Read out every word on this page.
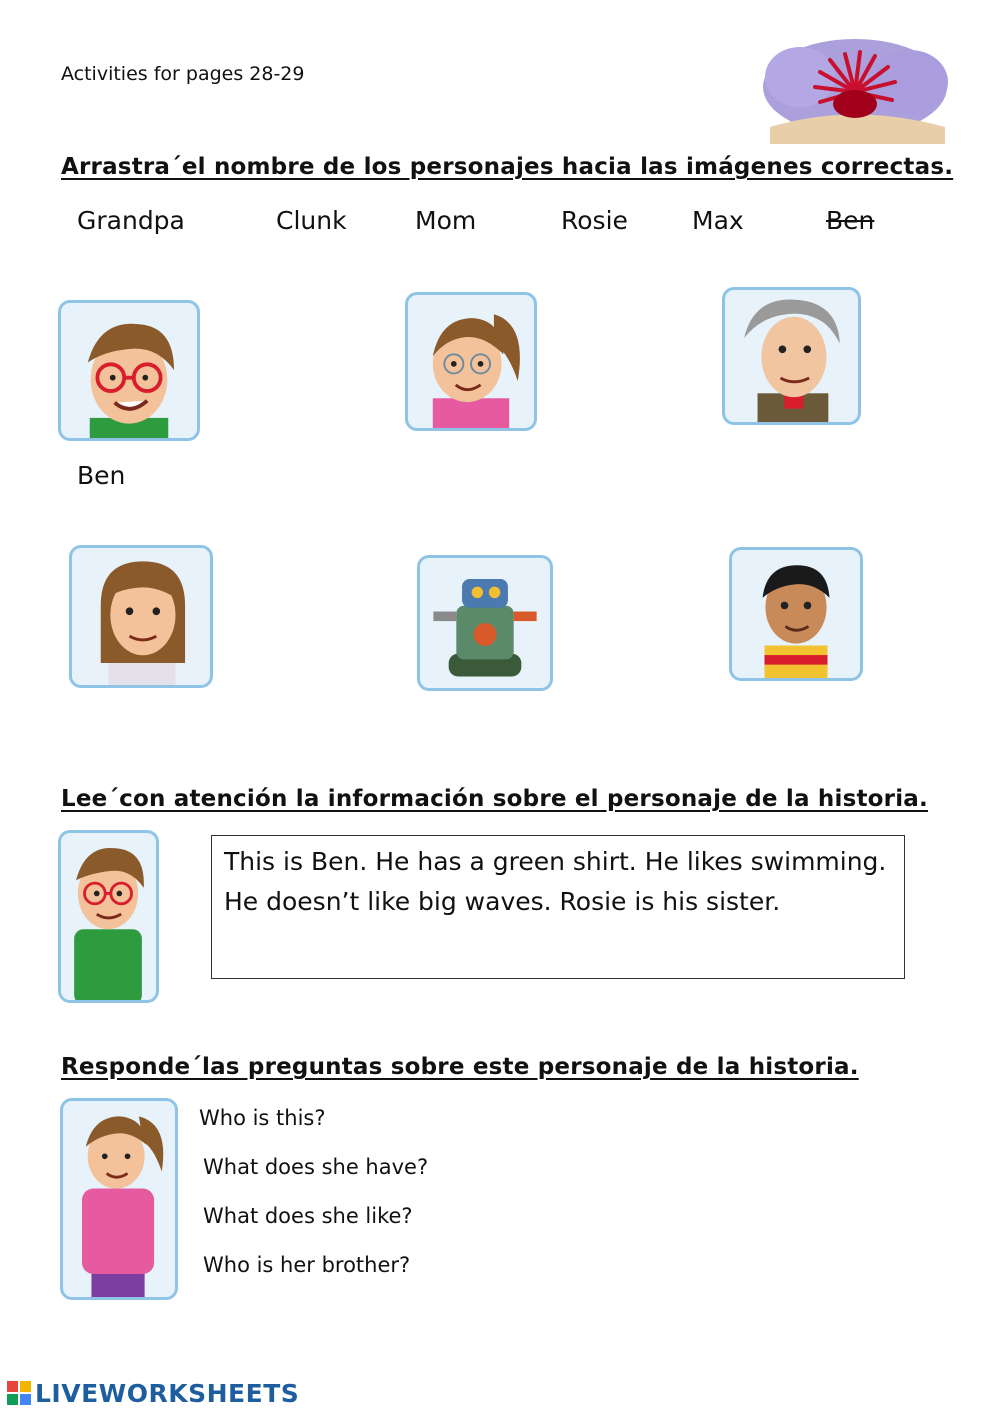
Activities for pages 28-29
Arrastra´el nombre de los personajes hacia las imágenes correctas.
Grandpa	Clunk	Mom	Rosie	Max	Ben
Ben
Lee´con atención la información sobre el personaje de la historia.
This is Ben. He has a green shirt. He likes swimming.
He doesn’t like big waves. Rosie is his sister.
Responde´las preguntas sobre este personaje de la historia.
Who is this?
What does she have?
What does she like?
Who is her brother?
LIVEWORKSHEETS
